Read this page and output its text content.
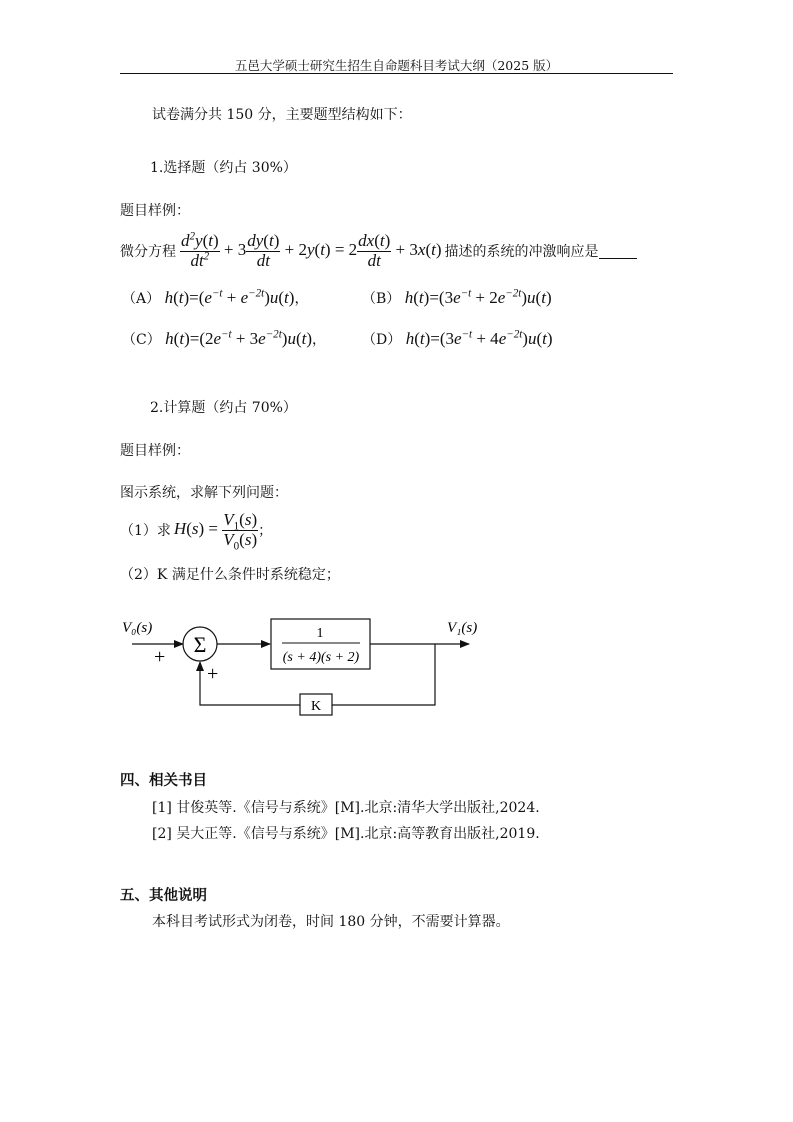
五邑大学硕士研究生招生自命题科目考试大纲（2025 版）
试卷满分共 150 分，主要题型结构如下：
1.选择题（约占 30%）
题目样例：
微分方程 $\frac{d^2y(t)}{dt^2} + 3 \frac{dy(t)}{dt} + 2y(t) = 2 \frac{dx(t)}{dt} + 3x(t)$ 描述的系统的冲激响应是
（A） $h(t)=(e^{-t} + e^{-2t})u(t)$，	（B） $h(t)=(3e^{-t} + 2e^{-2t})u(t)$
（C） $h(t)=(2e^{-t} + 3e^{-2t})u(t)$，	（D） $h(t)=(3e^{-t} + 4e^{-2t})u(t)$
2.计算题（约占 70%）
题目样例：
图示系统，求解下列问题：
（1）求 $H(s) = \frac{V_1(s)}{V_0(s)}$ ；
（2）K 满足什么条件时系统稳定；
V₀(s)
+ Σ	1
(s + 4)(s + 2)
V₁(s)
K
+
四、相关书目
[1] 甘俊英等.《信号与系统》[M].北京:清华大学出版社,2024.
[2] 吴大正等.《信号与系统》[M].北京:高等教育出版社,2019.
五、其他说明
本科目考试形式为闭卷，时间 180 分钟，不需要计算器。
